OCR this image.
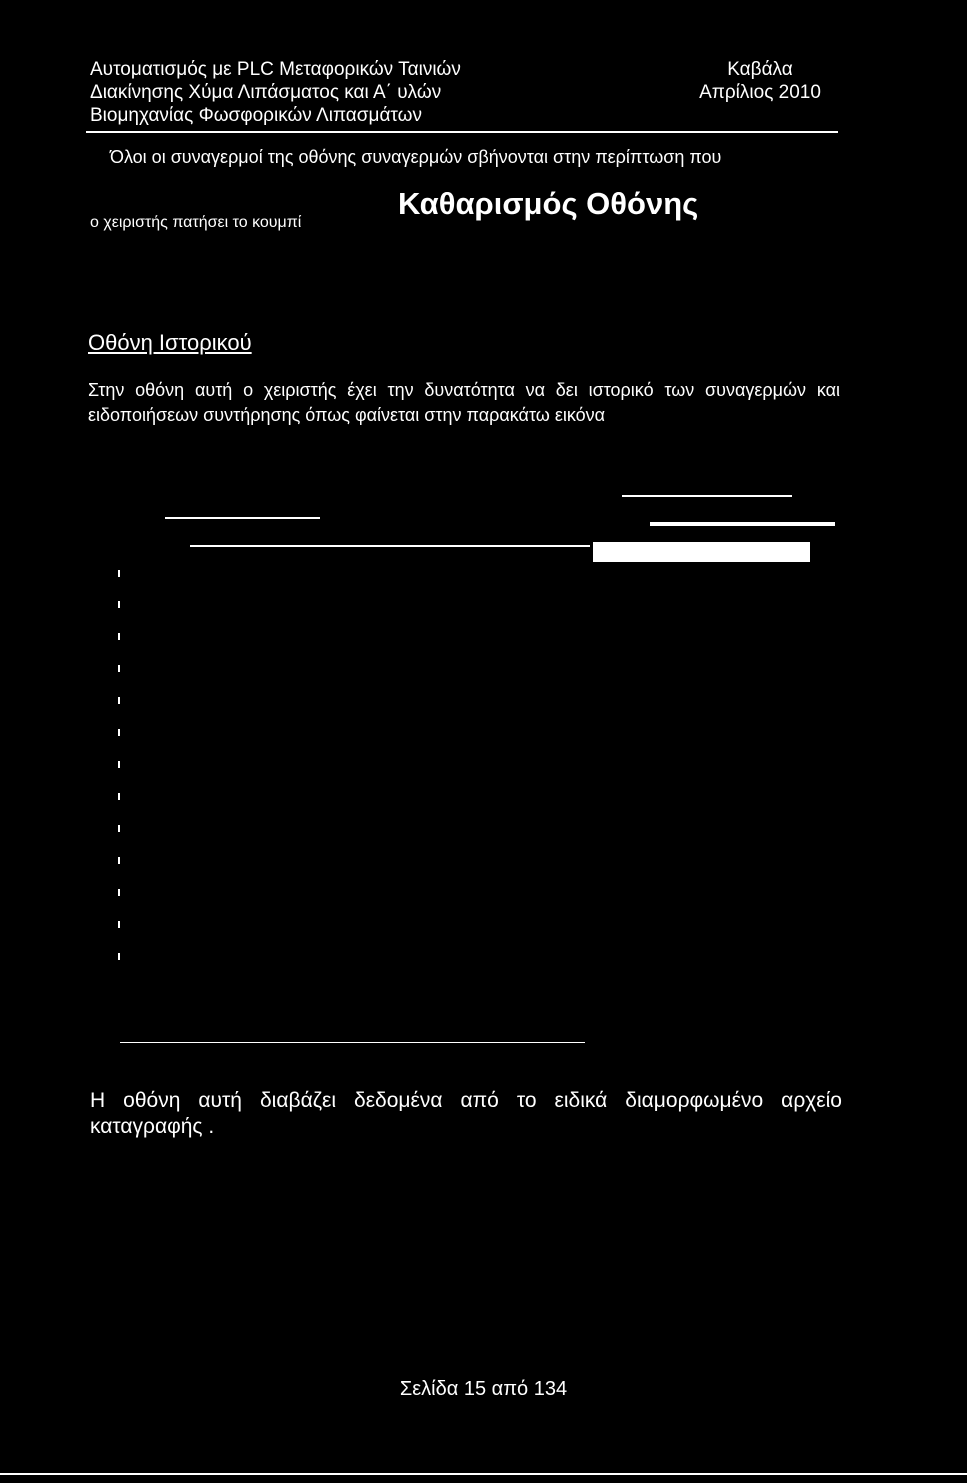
Αυτοματισμός με PLC Μεταφορικών Ταινιών
Διακίνησης Χύμα Λιπάσματος και Α΄ υλών
Βιομηχανίας Φωσφορικών Λιπασμάτων
Καβάλα
Απρίλιος 2010
Όλοι οι συναγερμοί της οθόνης συναγερμών σβήνονται στην περίπτωση που
ο χειριστής πατήσει το κουμπί
Καθαρισμός Οθόνης
Οθόνη Ιστορικού
Στην οθόνη αυτή ο χειριστής έχει την δυνατότητα να δει ιστορικό των συναγερμών και ειδοποιήσεων συντήρησης όπως φαίνεται στην παρακάτω εικόνα
Η οθόνη αυτή διαβάζει δεδομένα από το ειδικά διαμορφωμένο αρχείο καταγραφής .
Σελίδα 15 από 134
